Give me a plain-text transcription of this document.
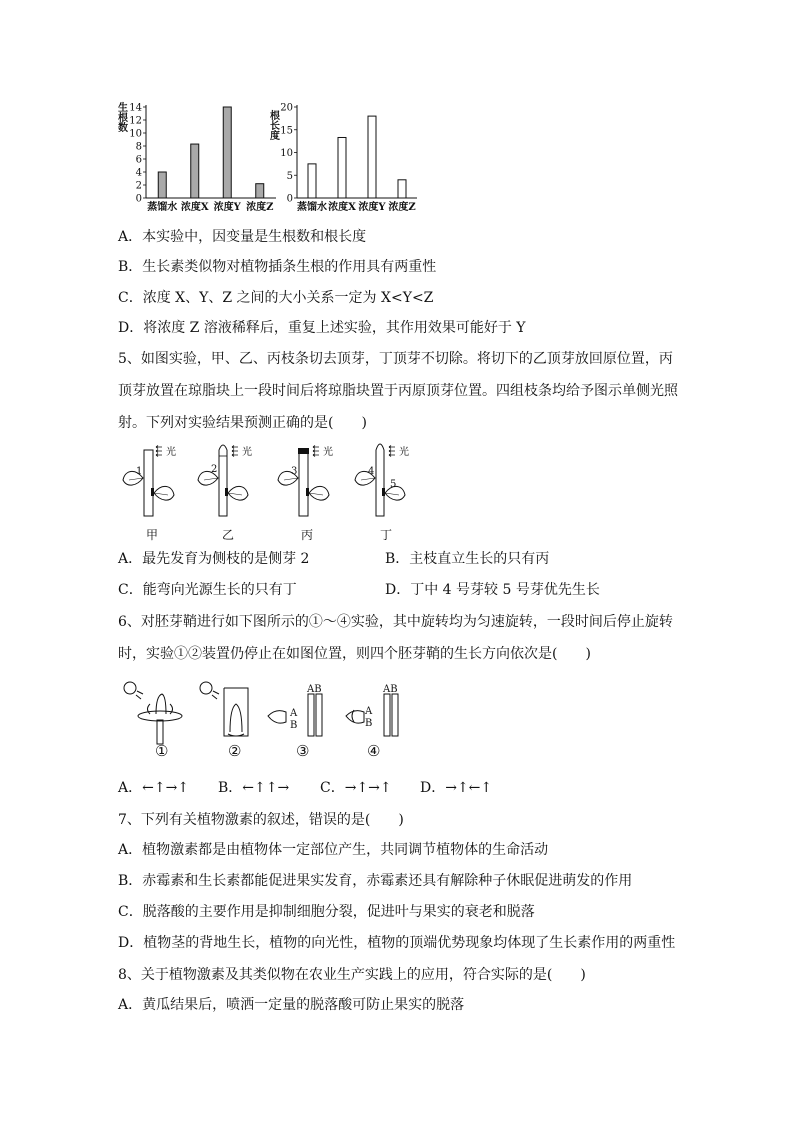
生
根
数
14
12
10
8
6
4
2
0
蒸馏水 浓度X 浓度Y 浓度Z
根
长
度
20
15
10
5
0
蒸馏水 浓度X 浓度Y 浓度Z
A．本实验中，因变量是生根数和根长度
B．生长素类似物对植物插条生根的作用具有两重性
C．浓度 X、Y、Z 之间的大小关系一定为 X<Y<Z
D．将浓度 Z 溶液稀释后，重复上述实验，其作用效果可能好于 Y
5、如图实验，甲、乙、丙枝条切去顶芽，丁顶芽不切除。将切下的乙顶芽放回原位置，丙
顶芽放置在琼脂块上一段时间后将琼脂块置于丙原顶芽位置。四组枝条均给予图示单侧光照
射。下列对实验结果预测正确的是(　　)
光	光	光	光
1	2	3	4
5
甲	乙	丙	丁
A．最先发育为侧枝的是侧芽 2	B．主枝直立生长的只有丙
C．能弯向光源生长的只有丁	D．丁中 4 号芽较 5 号芽优先生长
6、对胚芽鞘进行如下图所示的①～④实验，其中旋转均为匀速旋转，一段时间后停止旋转
时，实验①②装置仍停止在如图位置，则四个胚芽鞘的生长方向依次是(　　)
AB
A
B
AB
A
B
①	②	③	④
A．←↑→↑ B．←↑↑→ C．→↑→↑ D．→↑←↑
7、下列有关植物激素的叙述，错误的是(　　)
A．植物激素都是由植物体一定部位产生，共同调节植物体的生命活动
B．赤霉素和生长素都能促进果实发育，赤霉素还具有解除种子休眠促进萌发的作用
C．脱落酸的主要作用是抑制细胞分裂，促进叶与果实的衰老和脱落
D．植物茎的背地生长，植物的向光性，植物的顶端优势现象均体现了生长素作用的两重性
8、关于植物激素及其类似物在农业生产实践上的应用，符合实际的是(　　)
A．黄瓜结果后，喷洒一定量的脱落酸可防止果实的脱落
